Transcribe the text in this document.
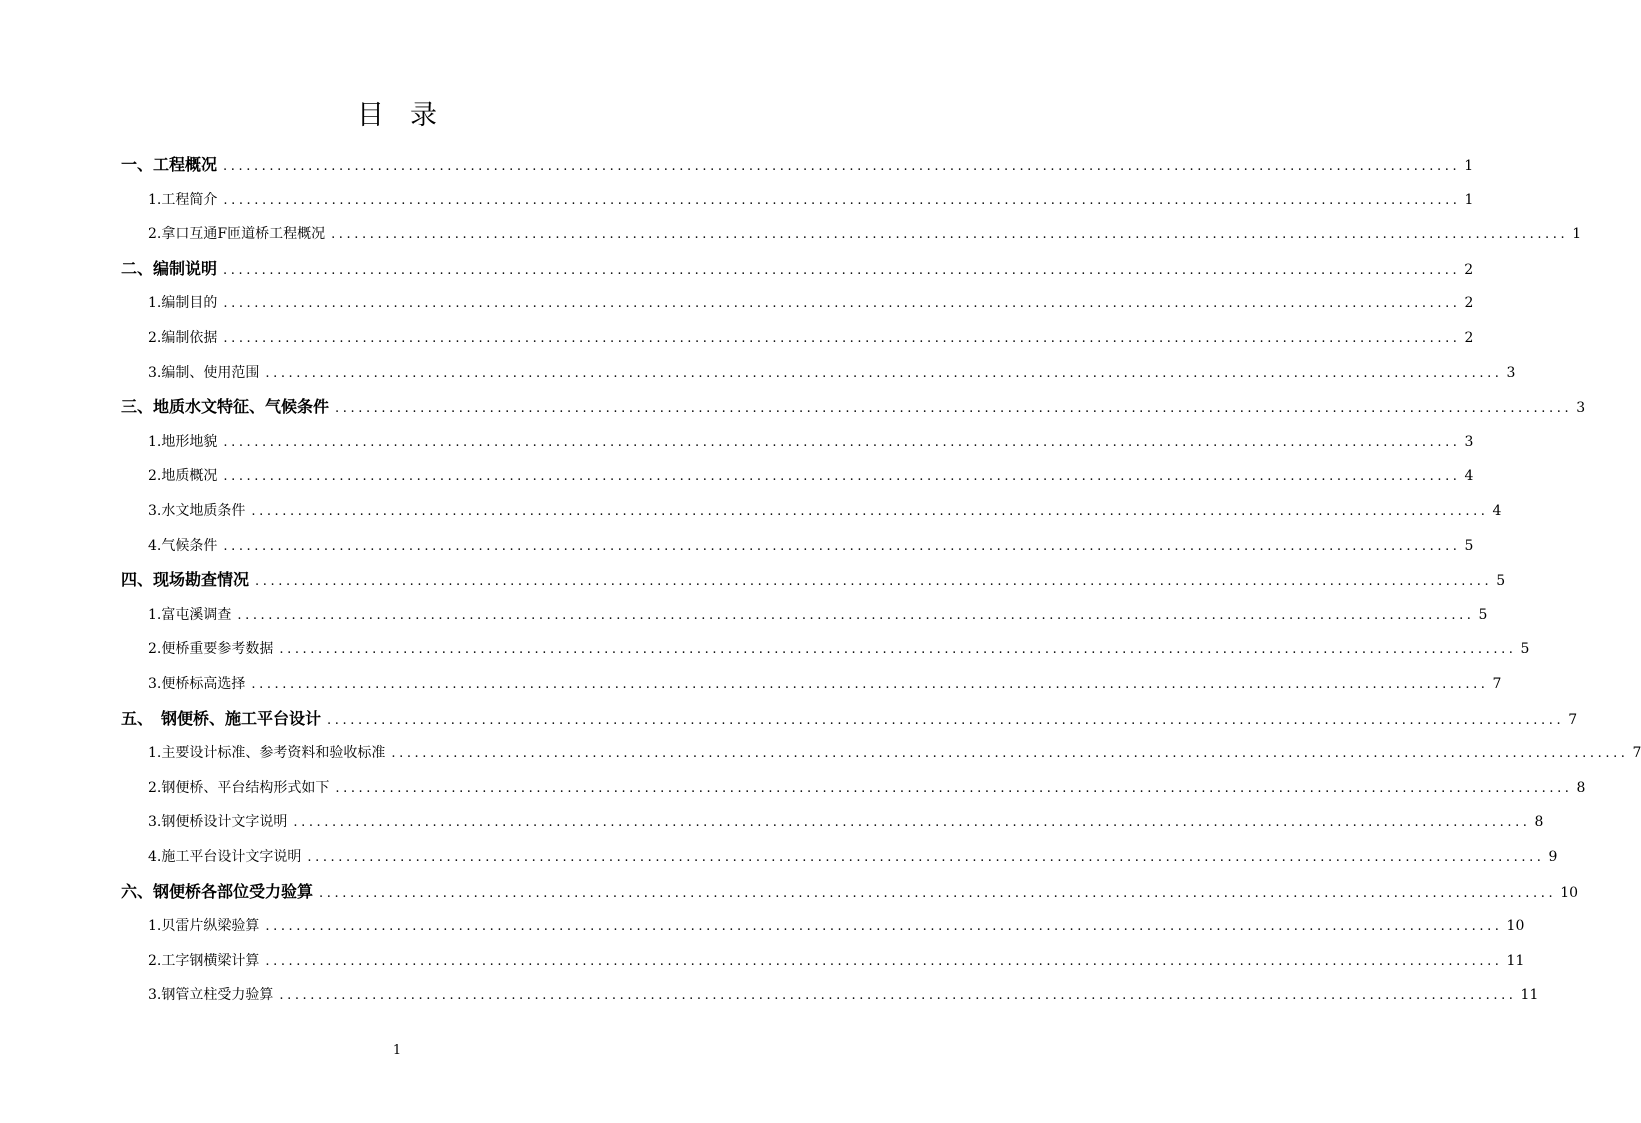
目录
一、工程概况 ................................................................................................................................................................ 1
1.工程简介 ................................................................................................................................................................ 1
2.拿口互通F匝道桥工程概况 ................................................................................................................................................................ 1
二、编制说明 ................................................................................................................................................................ 2
1.编制目的 ................................................................................................................................................................ 2
2.编制依据 ................................................................................................................................................................ 2
3.编制、使用范围 ................................................................................................................................................................ 3
三、地质水文特征、气候条件 ................................................................................................................................................................ 3
1.地形地貌 ................................................................................................................................................................ 3
2.地质概况 ................................................................................................................................................................ 4
3.水文地质条件 ................................................................................................................................................................ 4
4.气候条件 ................................................................................................................................................................ 5
四、现场勘查情况 ................................................................................................................................................................ 5
1.富屯溪调查 ................................................................................................................................................................ 5
2.便桥重要参考数据 ................................................................................................................................................................ 5
3.便桥标高选择 ................................................................................................................................................................ 7
五、　钢便桥、施工平台设计 ................................................................................................................................................................ 7
1.主要设计标准、参考资料和验收标准 ................................................................................................................................................................ 7
2.钢便桥、平台结构形式如下 ................................................................................................................................................................ 8
3.钢便桥设计文字说明 ................................................................................................................................................................ 8
4.施工平台设计文字说明 ................................................................................................................................................................ 9
六、钢便桥各部位受力验算 ................................................................................................................................................................ 10
1.贝雷片纵梁验算 ................................................................................................................................................................ 10
2.工字钢横梁计算 ................................................................................................................................................................ 11
3.钢管立柱受力验算 ................................................................................................................................................................ 11
1
